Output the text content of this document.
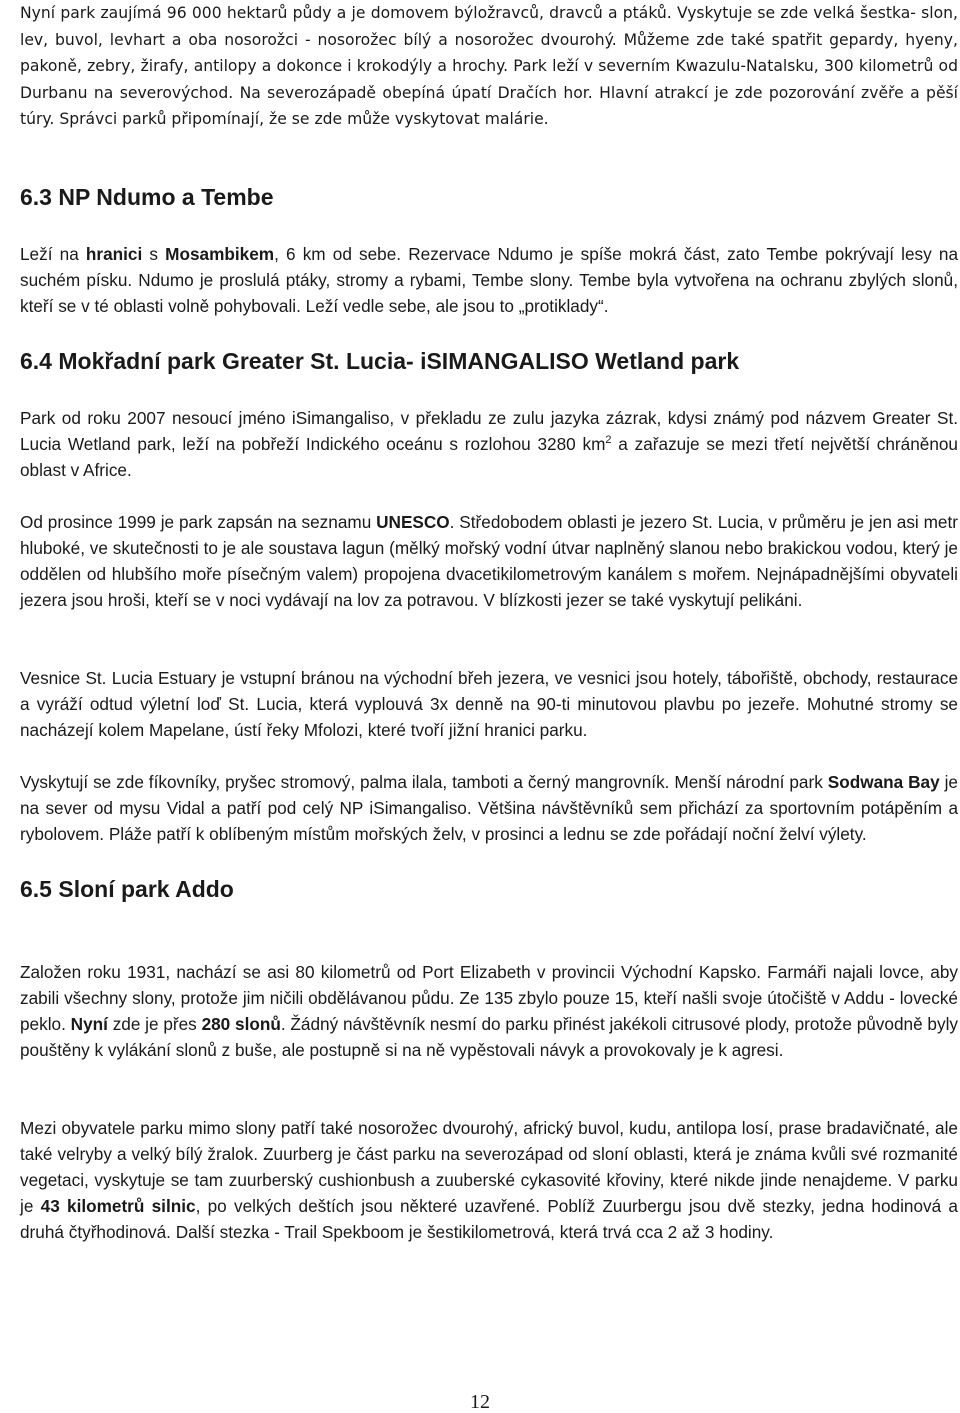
Nyní park zaujímá 96 000 hektarů půdy a je domovem býložravců, dravců a ptáků. Vyskytuje se zde velká šestka- slon, lev, buvol, levhart a oba nosorožci - nosorožec bílý a nosorožec dvourohý. Můžeme zde také spatřit gepardy, hyeny, pakoně, zebry, žirafy, antilopy a dokonce i krokodýly a hrochy. Park leží v severním Kwazulu-Natalsku, 300 kilometrů od Durbanu na severovýchod. Na severozápadě obepíná úpatí Dračích hor. Hlavní atrakcí je zde pozorování zvěře a pěší túry. Správci parků připomínají, že se zde může vyskytovat malárie.

6.3 NP Ndumo a Tembe

Leží na hranici s Mosambikem, 6 km od sebe. Rezervace Ndumo je spíše mokrá část, zato Tembe pokrývají lesy na suchém písku. Ndumo je proslulá ptáky, stromy a rybami, Tembe slony. Tembe byla vytvořena na ochranu zbylých slonů, kteří se v té oblasti volně pohybovali. Leží vedle sebe, ale jsou to „protiklady“.

6.4 Mokřadní park Greater St. Lucia- iSIMANGALISO Wetland park

Park od roku 2007 nesoucí jméno iSimangaliso, v překladu ze zulu jazyka zázrak, kdysi známý pod názvem Greater St. Lucia Wetland park, leží na pobřeží Indického oceánu s rozlohou 3280 $km^2$ a zařazuje se mezi třetí největší chráněnou oblast v Africe.

Od prosince 1999 je park zapsán na seznamu UNESCO. Středobodem oblasti je jezero St. Lucia, v průměru je jen asi metr hluboké, ve skutečnosti to je ale soustava lagun (mělký mořský vodní útvar naplněný slanou nebo brakickou vodou, který je oddělen od hlubšího moře písečným valem) propojena dvacetikilometrovým kanálem s mořem. Nejnápadnějšími obyvateli jezera jsou hroši, kteří se v noci vydávají na lov za potravou. V blízkosti jezer se také vyskytují pelikáni.

Vesnice St. Lucia Estuary je vstupní bránou na východní břeh jezera, ve vesnici jsou hotely, tábořiště, obchody, restaurace a vyráží odtud výletní loď St. Lucia, která vyplouvá 3x denně na 90-ti minutovou plavbu po jezeře. Mohutné stromy se nacházejí kolem Mapelane, ústí řeky Mfolozi, které tvoří jižní hranici parku.

Vyskytují se zde fíkovníky, pryšec stromový, palma ilala, tamboti a černý mangrovník. Menší národní park Sodwana Bay je na sever od mysu Vidal a patří pod celý NP iSimangaliso. Většina návštěvníků sem přichází za sportovním potápěním a rybolovem. Pláže patří k oblíbeným místům mořských želv, v prosinci a lednu se zde pořádají noční želví výlety.

6.5 Sloní park Addo

Založen roku 1931, nachází se asi 80 kilometrů od Port Elizabeth v provincii Východní Kapsko. Farmáři najali lovce, aby zabili všechny slony, protože jim ničili obdělávanou půdu. Ze 135 zbylo pouze 15, kteří našli svoje útočiště v Addu - lovecké peklo. Nyní zde je přes 280 slonů. Žádný návštěvník nesmí do parku přinést jakékoli citrusové plody, protože původně byly pouštěny k vylákání slonů z buše, ale postupně si na ně vypěstovali návyk a provokovaly je k agresi.

Mezi obyvatele parku mimo slony patří také nosorožec dvourohý, africký buvol, kudu, antilopa losí, prase bradavičnaté, ale také velryby a velký bílý žralok. Zuurberg je část parku na severozápad od sloní oblasti, která je známa kvůli své rozmanité vegetaci, vyskytuje se tam zuurberský cushionbush a zuuberské cykasovité křoviny, které nikde jinde nenajdeme. V parku je 43 kilometrů silnic, po velkých deštích jsou některé uzavřené. Poblíž Zuurbergu jsou dvě stezky, jedna hodinová a druhá čtyřhodinová. Další stezka - Trail Spekboom je šestikilometrová, která trvá cca 2 až 3 hodiny.

12
